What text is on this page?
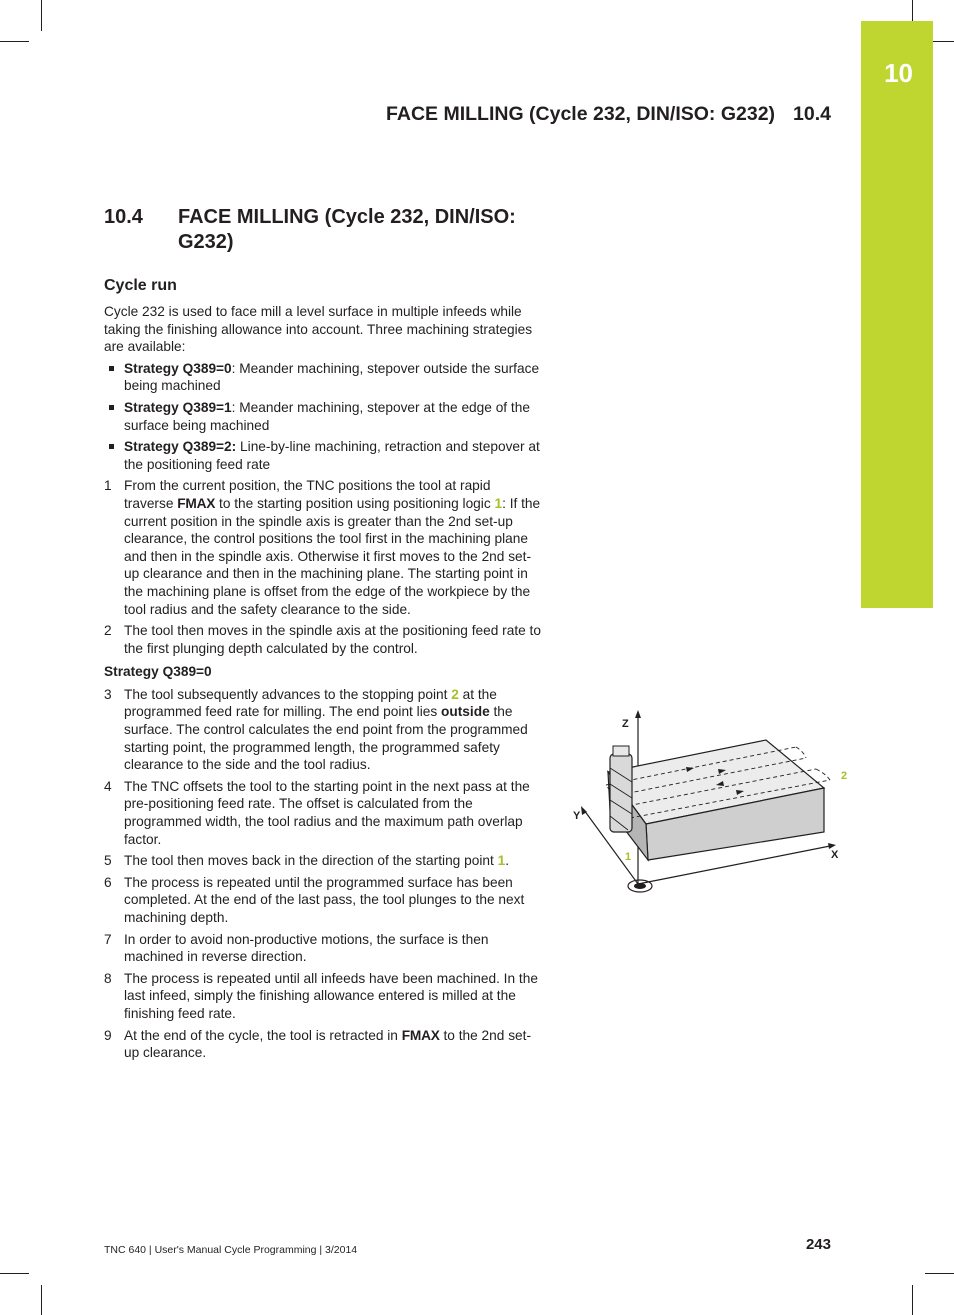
10
FACE MILLING (Cycle 232, DIN/ISO: G232) 10.4
10.4 FACE MILLING (Cycle 232, DIN/ISO: G232)
Cycle run

Cycle 232 is used to face mill a level surface in multiple infeeds while taking the finishing allowance into account. Three machining strategies are available:

Strategy Q389=0: Meander machining, stepover outside the surface being machined
Strategy Q389=1: Meander machining, stepover at the edge of the surface being machined
Strategy Q389=2: Line-by-line machining, retraction and stepover at the positioning feed rate
1 From the current position, the TNC positions the tool at rapid traverse FMAX to the starting position using positioning logic 1: If the current position in the spindle axis is greater than the 2nd set-up clearance, the control positions the tool first in the machining plane and then in the spindle axis. Otherwise it first moves to the 2nd set-up clearance and then in the machining plane. The starting point in the machining plane is offset from the edge of the workpiece by the tool radius and the safety clearance to the side.
2 The tool then moves in the spindle axis at the positioning feed rate to the first plunging depth calculated by the control.
Strategy Q389=0
3 The tool subsequently advances to the stopping point 2 at the programmed feed rate for milling. The end point lies outside the surface. The control calculates the end point from the programmed starting point, the programmed length, the programmed safety clearance to the side and the tool radius.
4 The TNC offsets the tool to the starting point in the next pass at the pre-positioning feed rate. The offset is calculated from the programmed width, the tool radius and the maximum path overlap factor.
5 The tool then moves back in the direction of the starting point 1.
6 The process is repeated until the programmed surface has been completed. At the end of the last pass, the tool plunges to the next machining depth.
7 In order to avoid non-productive motions, the surface is then machined in reverse direction.
8 The process is repeated until all infeeds have been machined. In the last infeed, simply the finishing allowance entered is milled at the finishing feed rate.
9 At the end of the cycle, the tool is retracted in FMAX to the 2nd set-up clearance.
Z
Y
X
1
2
TNC 640 | User's Manual Cycle Programming | 3/2014	243
